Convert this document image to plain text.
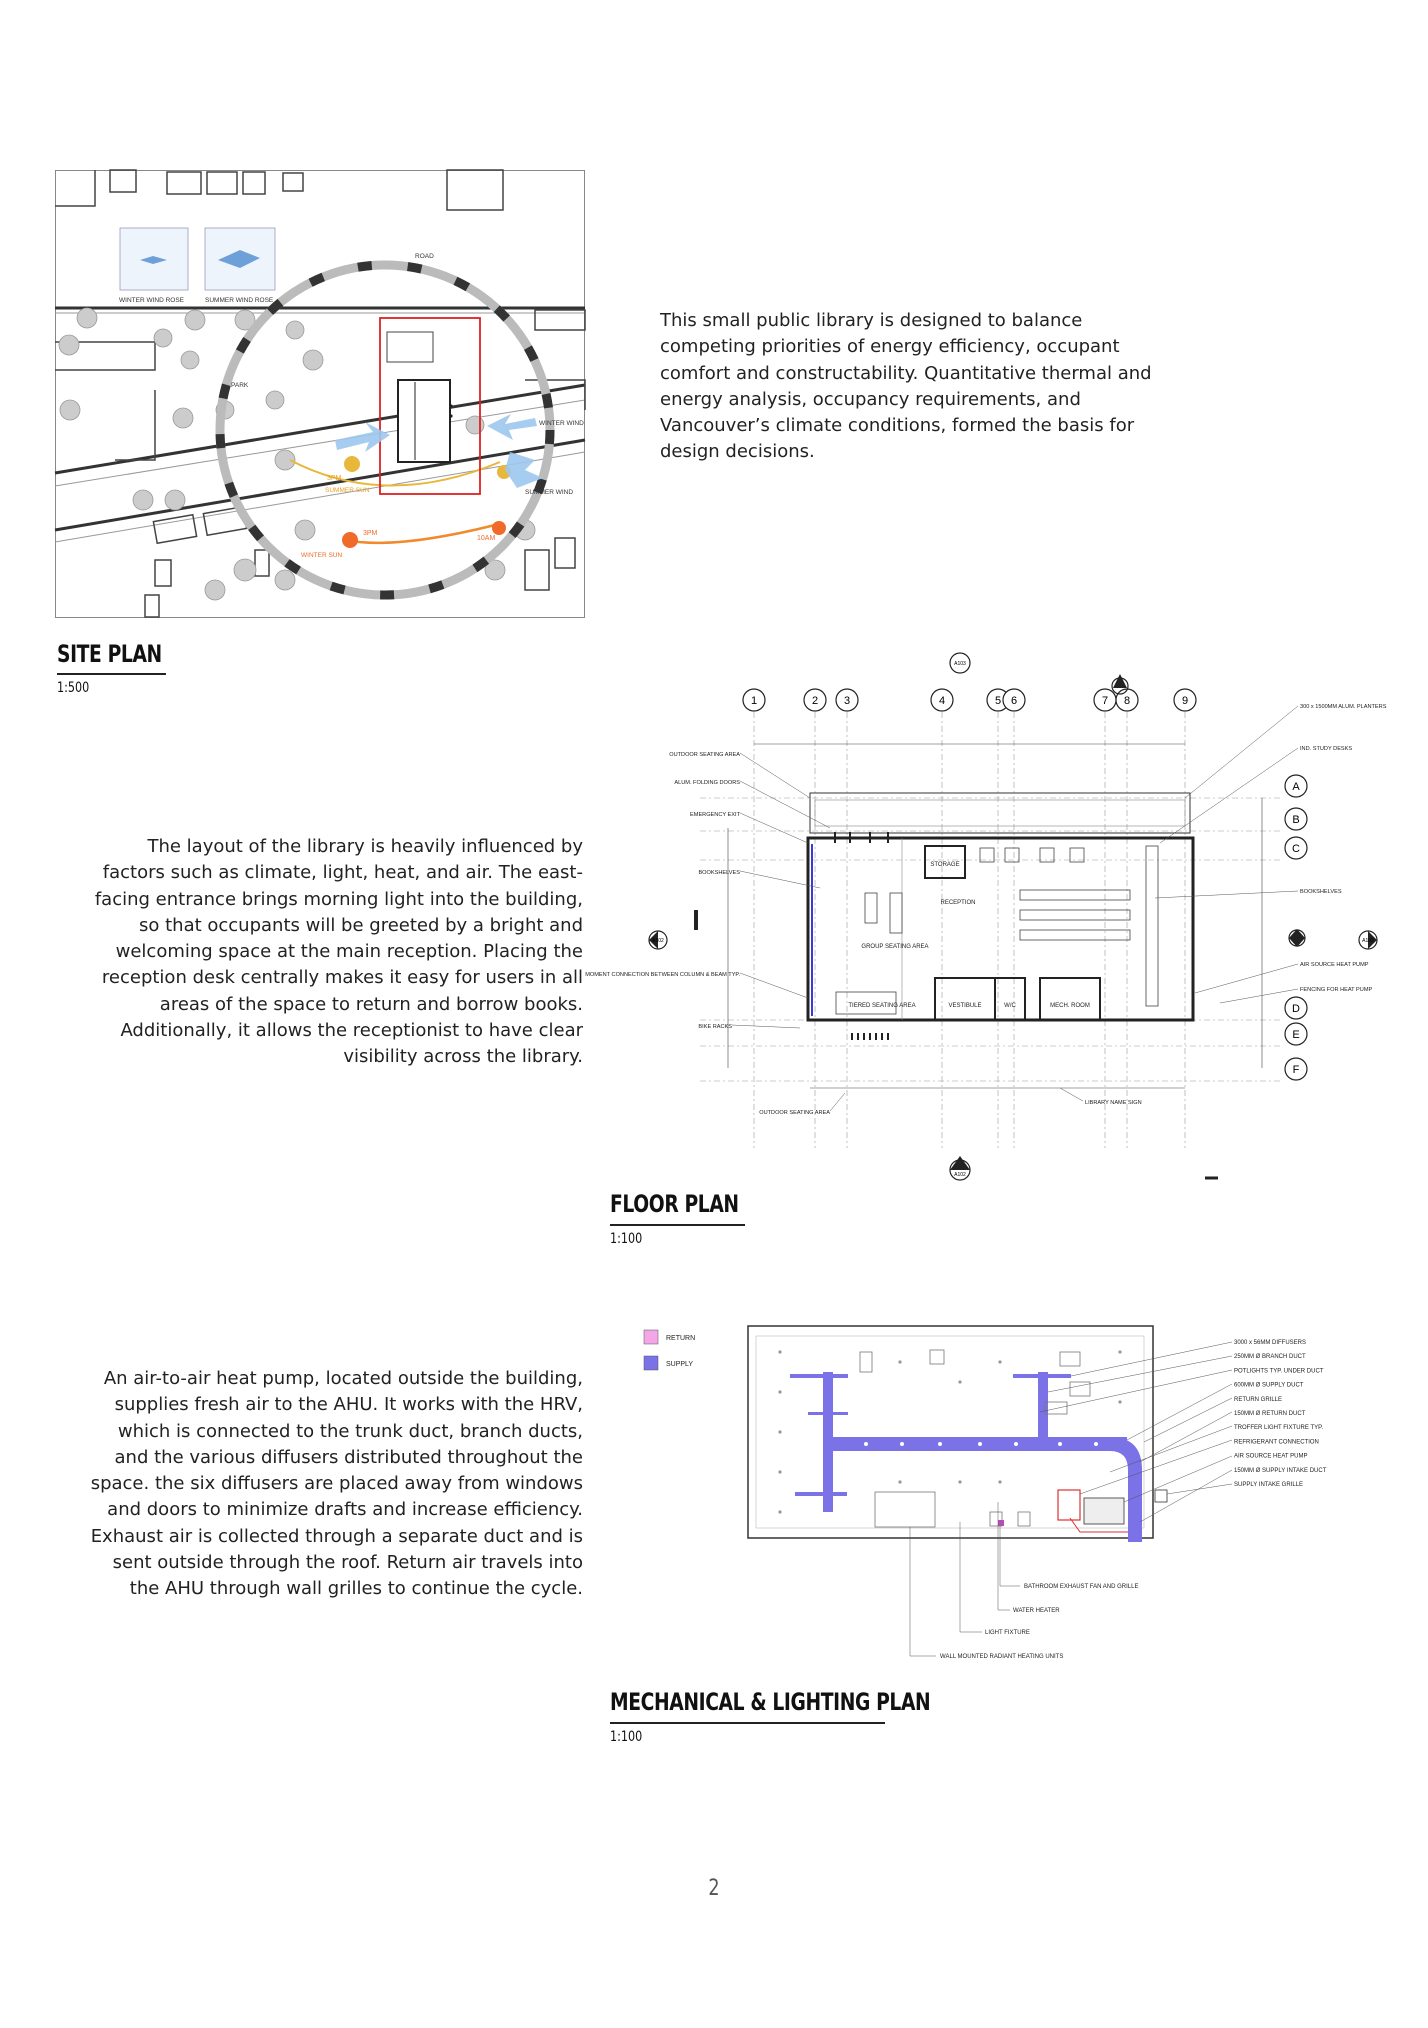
WINTER WIND ROSE	SUMMER WIND ROSE
ROAD
PARK
3PM
SUMMER SUN
3PM
WINTER SUN
10AM
WINTER WIND
SUMMER WIND
SITE PLAN
1:500
This small public library is designed to balance competing priorities of energy efficiency, occupant comfort and constructability. Quantitative thermal and energy analysis, occupancy requirements, and Vancouver’s climate conditions, formed the basis for design decisions.
The layout of the library is heavily influenced by factors such as climate, light, heat, and air. The east-facing entrance brings morning light into the building, so that occupants will be greeted by a bright and welcoming space at the main reception. Placing the reception desk centrally makes it easy for users in all areas of the space to return and borrow books. Additionally, it allows the receptionist to have clear visibility across the library.
1	2 3	4	5 6	7 8	9
A
B
C
D
E
F
A103
A102	A103
A102
STORAGE
RECEPTION
GROUP SEATING AREA
TIERED SEATING AREA	VESTIBULE	W/C	MECH. ROOM
OUTDOOR SEATING AREA
ALUM. FOLDING DOORS
EMERGENCY EXIT
BOOKSHELVES
MOMENT CONNECTION BETWEEN COLUMN & BEAM TYP.
BIKE RACKS
OUTDOOR SEATING AREA
300 x 1500MM ALUM. PLANTERS
IND. STUDY DESKS
BOOKSHELVES
AIR SOURCE HEAT PUMP
FENCING FOR HEAT PUMP
LIBRARY NAME SIGN
FLOOR PLAN
1:100
An air-to-air heat pump, located outside the building, supplies fresh air to the AHU. It works with the HRV, which is connected to the trunk duct, branch ducts, and the various diffusers distributed throughout the space. the six diffusers are placed away from windows and doors to minimize drafts and increase efficiency. Exhaust air is collected through a separate duct and is sent outside through the roof. Return air travels into the AHU through wall grilles to continue the cycle.
RETURN
SUPPLY
3000 x 56MM DIFFUSERS
250MM Ø BRANCH DUCT
POTLIGHTS TYP. UNDER DUCT
600MM Ø SUPPLY DUCT
RETURN GRILLE
150MM Ø RETURN DUCT
TROFFER LIGHT FIXTURE TYP.
REFRIGERANT CONNECTION
AIR SOURCE HEAT PUMP
150MM Ø SUPPLY INTAKE DUCT
SUPPLY INTAKE GRILLE
BATHROOM EXHAUST FAN AND GRILLE
WATER HEATER
LIGHT FIXTURE
WALL MOUNTED RADIANT HEATING UNITS
MECHANICAL & LIGHTING PLAN
1:100
2
